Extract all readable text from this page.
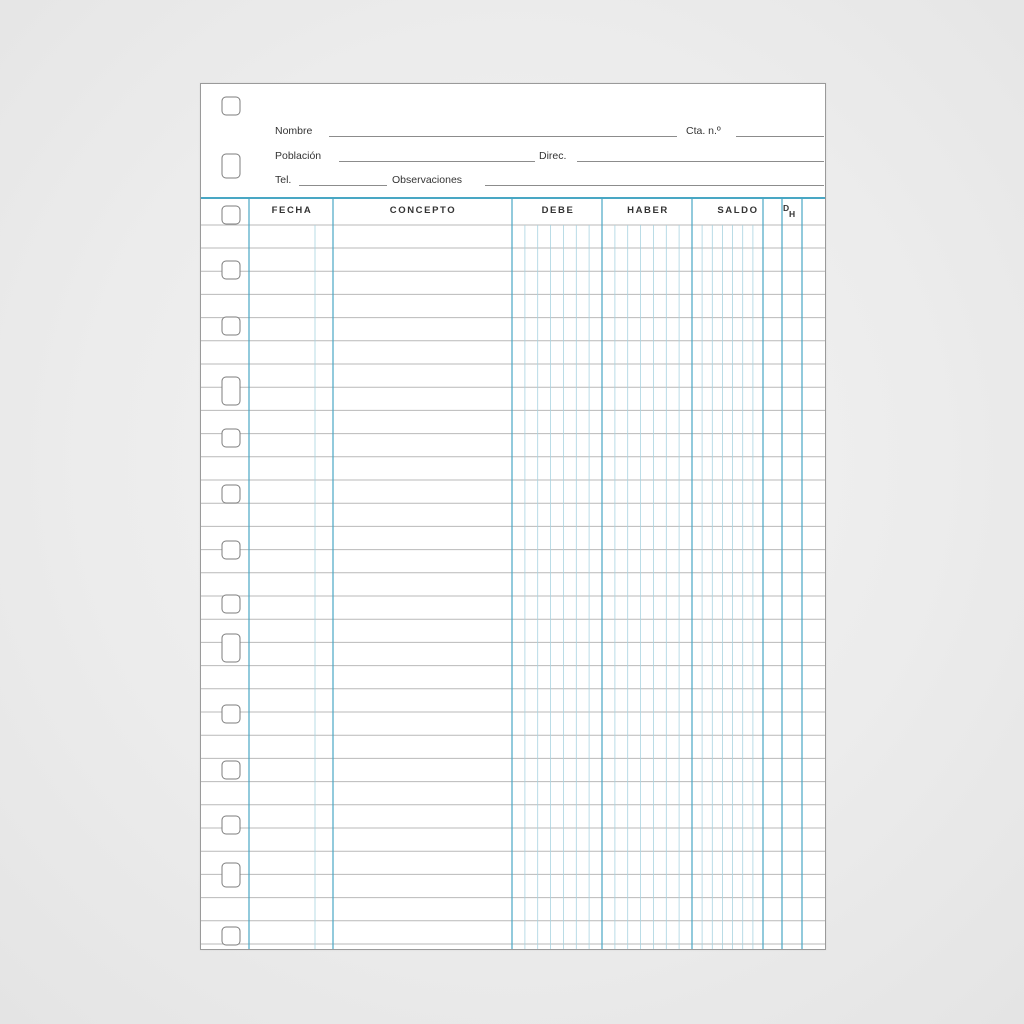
Nombre	Cta. n.º
Población	Direc.
Tel.	Observaciones
FECHA	CONCEPTO	DEBE	HABER	SALDO	D
H
